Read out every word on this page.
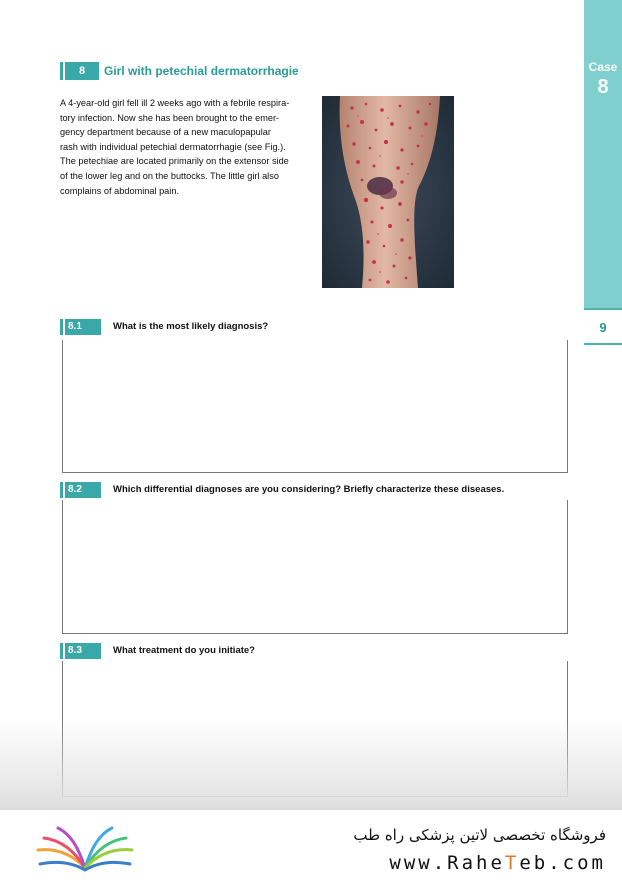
Case
8
9
8	Girl with petechial dermatorrhagie
A 4-year-old girl fell ill 2 weeks ago with a febrile respira-
tory infection. Now she has been brought to the emer-
gency department because of a new maculopapular
rash with individual petechial dermatorrhagie (see Fig.).
The petechiae are located primarily on the extensor side
of the lower leg and on the buttocks. The little girl also
complains of abdominal pain.
8.1	What is the most likely diagnosis?
8.2	Which differential diagnoses are you considering? Briefly characterize these diseases.
8.3	What treatment do you initiate?
فروشگاه تخصصی لاتین پزشکی راه طب
www.RaheTeb.com
